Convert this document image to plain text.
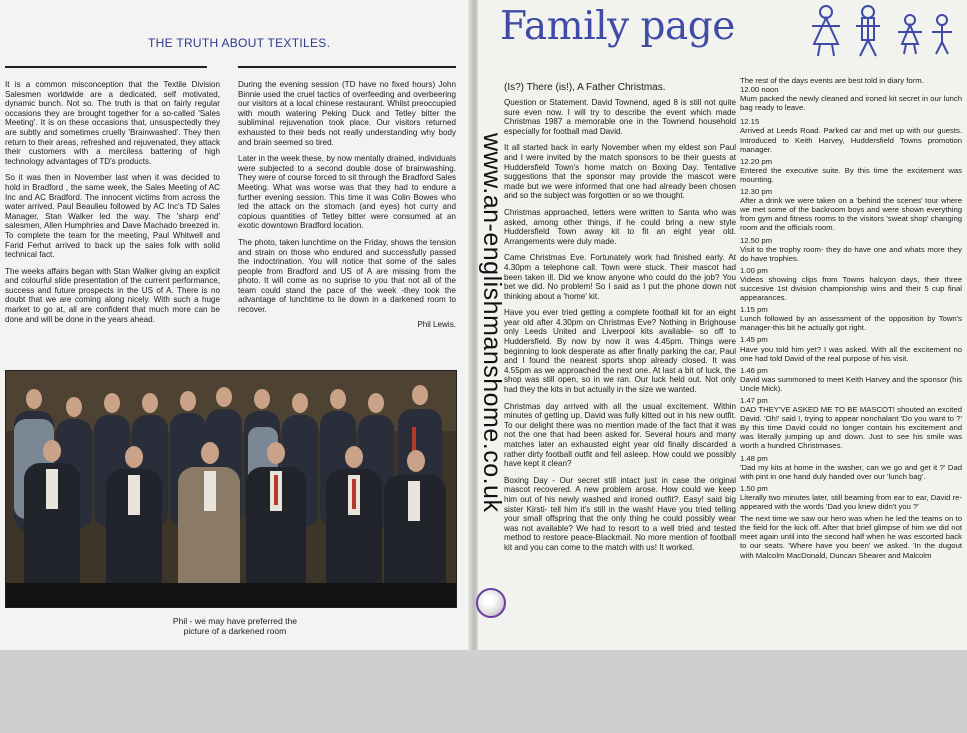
THE TRUTH ABOUT TEXTILES.

It is a common misconception that the Textile Division Salesmen worldwide are a dedicated, self motivated, dynamic bunch. Not so. The truth is that on fairly regular occasions they are brought together for a so-called 'Sales Meeting'. It is on these occasions that, unsuspectedly they are subtly and sometimes cruelly 'Brainwashed'. They then return to their areas, refreshed and rejuvenated, they attack their customers with a merciless battering of high technology advantages of TD's products.

So it was then in November last when it was decided to hold in Bradford , the same week, the Sales Meeting of AC Inc and AC Bradford. The innocent victims from across the water arrived. Paul Beaulieu followed by AC Inc's TD Sales Manager, Stan Walker led the way. The 'sharp end' salesmen, Allen Humphries and Dave Machado breezed in. To complete the team for the meeting, Paul Whitwell and Farid Ferhut arrived to back up the sales folk with solid technical fact.

The weeks affairs began with Stan Walker giving an explicit and colourful slide presentation of the current performance, success and future prospects in the US of A. There is no doubt that we are coming along nicely. With such a huge market to go at, all are confident that much more can be done and will be done in the years ahead.

During the evening session (TD have no fixed hours) John Binnie used the cruel tactics of overfeeding and overbeering our visitors at a local chinese restaurant. Whilst preoccupied with mouth watering Peking Duck and Tetley bitter the subliminal rejuvenation took place. Our visitors returned exhausted to their beds not really understanding why body and brain seemed so tired.

Later in the week these, by now mentally drained, individuals were subjected to a second double dose of brainwashing. They were of course forced to sit through the Bradford Sales Meeting. What was worse was that they had to endure a further evening session. This time it was Colin Bowes who led the attack on the stomach (and eyes) hot curry and copious quantities of Tetley bitter were consumed at an exotic downtown Bradford location.

The photo, taken lunchtime on the Friday, shows the tension and strain on those who endured and successfully passed the indoctrination. You will notice that some of the sales people from Bradford and US of A are missing from the photo. It will come as no suprise to you that not all of the team could stand the pace of the week -they took the advantage of lunchtime to lie down in a darkened room to recover.

Phil Lewis.
Phil - we may have preferred the
picture of a darkened room
Family page

(Is?) There (is!), A Father Christmas.

Question or Statement. David Townend, aged 8 is still not quite sure even now. I will try to describe the event which made Christmas 1987 a memorable one in the Townend household especially for football mad David.

It all started back in early November when my eldest son Paul and I were invited by the match sponsors to be their guests at Huddersfield Town's home match on Boxing Day. Tentative suggestions that the sponsor may provide the mascot were made but we were informed that one had already been chosen and so the subject was forgotten or so we thought.

Christmas approached, letters were written to Santa who was asked, among other things, if he could bring a new style Huddersfield Town away kit to fit an eight year old. Arrangements were duly made.

Came Christmas Eve. Fortunately work had finished early. At 4.30pm a telephone call. Town were stuck. Their mascot had been taken ill. Did we know anyone who could do the job? You bet we did. No problem! So I said as I put the phone down not thinking about a 'home' kit.

Have you ever tried getting a complete football kit for an eight year old after 4.30pm on Christmas Eve? Nothing in Brighouse only Leeds United and Liverpool kits available- so off to Huddersfield. By now by now it was 4.45pm. Things were beginning to look desperate as after finally parking the car, Paul and I found the nearest sports shop already closed. It was 4.55pm as we approached the next one. At last a bit of luck, the shop was still open, so in we ran. Our luck held out. Not only had they the kits in but actually in the size we wanted.

Christmas day arrived with all the usual excitement. Within minutes of getting up, David was fully kitted out in his new outfit. To our delight there was no mention made of the fact that it was not the one that had been asked for. Several hours and many matches later an exhausted eight year old finally discarded a rather dirty football outfit and fell asleep. How could we possibly have kept it clean?

Boxing Day - Our secret still intact just in case the original mascot recovered. A new problem arose. How could we keep him out of his newly washed and ironed outfit?. Easy! said big sister Kirsti- tell him it's still in the wash! Have you tried telling your small offspring that the only thing he could possibly wear was not available? We had to resort to a well tried and tested method to restore peace-Blackmail. No more mention of football kit and you can come to the match with us! It worked.

The rest of the days events are best told in diary form.

12.00 noon

Mum packed the newly cleaned and ironed kit secret in our lunch bag ready to leave.

12.15

Arrived at Leeds Road. Parked car and met up with our guests. Introduced to Keith Harvey, Huddersfield Towns promotion manager.

12.20 pm

Entered the executive suite. By this time the excitement was mounting.

12.30 pm

After a drink we were taken on a 'behind the scenes' tour where we met some of the backroom boys and were shown everything from gym and fitness rooms to the visitors 'sweat shop' changing room and the officials room.

12.50 pm

Visit to the trophy room- they do have one and whats more they do have trophies.

1.00 pm

Videos showing clips from Towns halcyon days, their three succesive 1st division championship wins and their 5 cup final appearances.

1.15 pm

Lunch followed by an assessment of the opposition by Town's manager-this bit he actually got right.

1.45 pm

Have you told him yet? I was asked. With all the excitement no one had told David of the real purpose of his visit.

1.46 pm

David was summoned to meet Keith Harvey and the sponsor (his Uncle Mick).

1.47 pm

DAD THEY'VE ASKED ME TO BE MASCOT! shouted an excited David. 'Oh!' said I, trying to appear nonchalant 'Do you want to ?' By this time David could no longer contain his excitement and was literally jumping up and down. Just to see his smile was worth a hundred Christmases.

1.48 pm

'Dad my kits at home in the washer, can we go and get it ?' Dad with pint in one hand duly handed over our 'lunch bag'.

1.50 pm

Literally two minutes later, still beaming from ear to ear, David re-appeared with the words 'Dad you knew didn't you ?'

The next time we saw our hero was when he led the teams on to the field for the kick off. After that brief glimpse of him we did not meet again until into the second half when he was escorted back to our seats. 'Where have you been' we asked. 'In the dugout with Malcolm MacDonald, Duncan Shearer and Malcolm

www.an-englishmanshome.co.uk
